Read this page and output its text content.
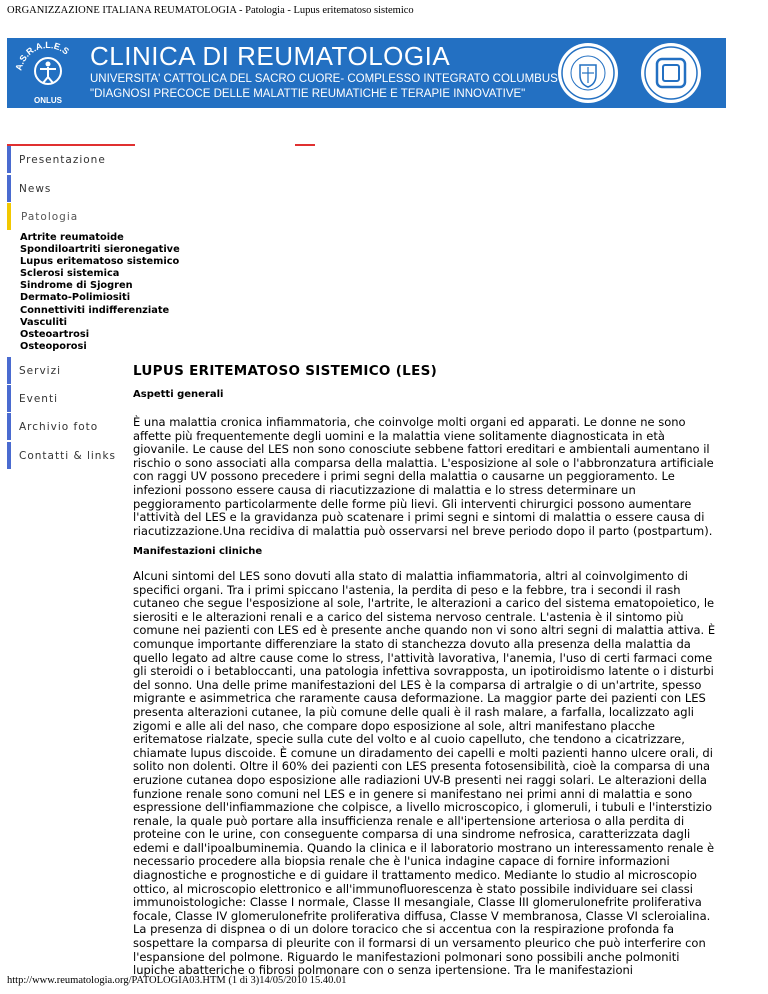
ORGANIZZAZIONE ITALIANA REUMATOLOGIA - Patologia - Lupus eritematoso sistemico
A.S.R.A.L.E.S
ONLUS
CLINICA DI REUMATOLOGIA
UNIVERSITA' CATTOLICA DEL SACRO CUORE- COMPLESSO INTEGRATO COLUMBUS
"DIAGNOSI PRECOCE DELLE MALATTIE REUMATICHE E TERAPIE INNOVATIVE"
Presentazione
News
Patologia
Artrite reumatoide
Spondiloartriti sieronegative
Lupus eritematoso sistemico
Sclerosi sistemica
Sindrome di Sjogren
Dermato-Polimiositi
Connettiviti indifferenziate
Vasculiti
Osteoartrosi
Osteoporosi
Servizi
Eventi
Archivio foto
Contatti & links
LUPUS ERITEMATOSO SISTEMICO (LES)
Aspetti generali
È una malattia cronica infiammatoria, che coinvolge molti organi ed apparati. Le donne ne sono
affette più frequentemente degli uomini e la malattia viene solitamente diagnosticata in età
giovanile. Le cause del LES non sono conosciute sebbene fattori ereditari e ambientali aumentano il
rischio o sono associati alla comparsa della malattia. L'esposizione al sole o l'abbronzatura artificiale
con raggi UV possono precedere i primi segni della malattia o causarne un peggioramento. Le
infezioni possono essere causa di riacutizzazione di malattia e lo stress determinare un
peggioramento particolarmente delle forme più lievi. Gli interventi chirurgici possono aumentare
l'attività del LES e la gravidanza può scatenare i primi segni e sintomi di malattia o essere causa di
riacutizzazione.Una recidiva di malattia può osservarsi nel breve periodo dopo il parto (postpartum).
Manifestazioni cliniche
Alcuni sintomi del LES sono dovuti alla stato di malattia infiammatoria, altri al coinvolgimento di
specifici organi. Tra i primi spiccano l'astenia, la perdita di peso e la febbre, tra i secondi il rash
cutaneo che segue l'esposizione al sole, l'artrite, le alterazioni a carico del sistema ematopoietico, le
sierositi e le alterazioni renali e a carico del sistema nervoso centrale. L'astenia è il sintomo più
comune nei pazienti con LES ed è presente anche quando non vi sono altri segni di malattia attiva. È
comunque importante differenziare la stato di stanchezza dovuto alla presenza della malattia da
quello legato ad altre cause come lo stress, l'attività lavorativa, l'anemia, l'uso di certi farmaci come
gli steroidi o i betabloccanti, una patologia infettiva sovrapposta, un ipotiroidismo latente o i disturbi
del sonno. Una delle prime manifestazioni del LES è la comparsa di artralgie o di un'artrite, spesso
migrante e asimmetrica che raramente causa deformazione. La maggior parte dei pazienti con LES
presenta alterazioni cutanee, la più comune delle quali è il rash malare, a farfalla, localizzato agli
zigomi e alle ali del naso, che compare dopo esposizione al sole, altri manifestano placche
eritematose rialzate, specie sulla cute del volto e al cuoio capelluto, che tendono a cicatrizzare,
chiamate lupus discoide. È comune un diradamento dei capelli e molti pazienti hanno ulcere orali, di
solito non dolenti. Oltre il 60% dei pazienti con LES presenta fotosensibilità, cioè la comparsa di una
eruzione cutanea dopo esposizione alle radiazioni UV-B presenti nei raggi solari. Le alterazioni della
funzione renale sono comuni nel LES e in genere si manifestano nei primi anni di malattia e sono
espressione dell'infiammazione che colpisce, a livello microscopico, i glomeruli, i tubuli e l'interstizio
renale, la quale può portare alla insufficienza renale e all'ipertensione arteriosa o alla perdita di
proteine con le urine, con conseguente comparsa di una sindrome nefrosica, caratterizzata dagli
edemi e dall'ipoalbuminemia. Quando la clinica e il laboratorio mostrano un interessamento renale è
necessario procedere alla biopsia renale che è l'unica indagine capace di fornire informazioni
diagnostiche e prognostiche e di guidare il trattamento medico. Mediante lo studio al microscopio
ottico, al microscopio elettronico e all'immunofluorescenza è stato possibile individuare sei classi
immunoistologiche: Classe I normale, Classe II mesangiale, Classe III glomerulonefrite proliferativa
focale, Classe IV glomerulonefrite proliferativa diffusa, Classe V membranosa, Classe VI scleroialina.
La presenza di dispnea o di un dolore toracico che si accentua con la respirazione profonda fa
sospettare la comparsa di pleurite con il formarsi di un versamento pleurico che può interferire con
l'espansione del polmone. Riguardo le manifestazioni polmonari sono possibili anche polmoniti
lupiche abatteriche o fibrosi polmonare con o senza ipertensione. Tra le manifestazioni
http://www.reumatologia.org/PATOLOGIA03.HTM (1 di 3)14/05/2010 15.40.01
